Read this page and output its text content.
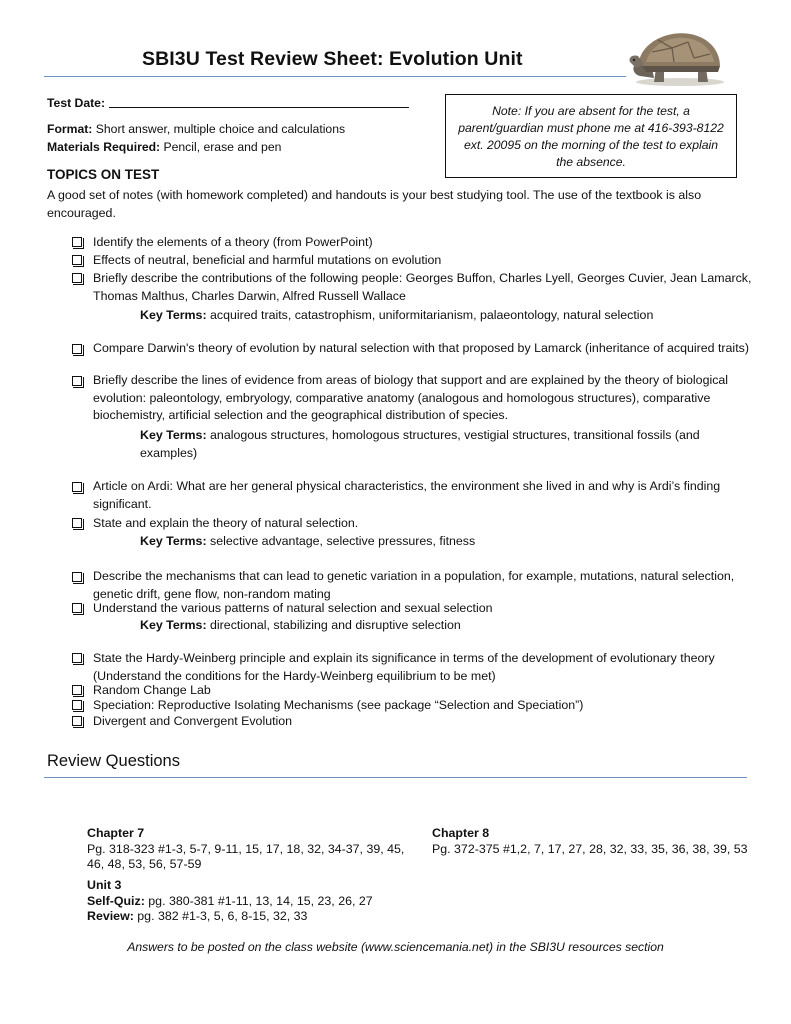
SBI3U Test Review Sheet: Evolution Unit
Test Date:
Format: Short answer, multiple choice and calculations
Materials Required: Pencil, erase and pen
Note: If you are absent for the test, a parent/guardian must phone me at 416-393-8122 ext. 20095 on the morning of the test to explain the absence.
TOPICS ON TEST
A good set of notes (with homework completed) and handouts is your best studying tool. The use of the textbook is also encouraged.
Identify the elements of a theory (from PowerPoint)
Effects of neutral, beneficial and harmful mutations on evolution
Briefly describe the contributions of the following people: Georges Buffon, Charles Lyell, Georges Cuvier, Jean Lamarck, Thomas Malthus, Charles Darwin, Alfred Russell Wallace
Key Terms: acquired traits, catastrophism, uniformitarianism, palaeontology, natural selection
Compare Darwin's theory of evolution by natural selection with that proposed by Lamarck (inheritance of acquired traits)
Briefly describe the lines of evidence from areas of biology that support and are explained by the theory of biological evolution: paleontology, embryology, comparative anatomy (analogous and homologous structures), comparative biochemistry, artificial selection and the geographical distribution of species.
Key Terms: analogous structures, homologous structures, vestigial structures, transitional fossils (and examples)
Article on Ardi: What are her general physical characteristics, the environment she lived in and why is Ardi’s finding significant.
State and explain the theory of natural selection.
Key Terms: selective advantage, selective pressures, fitness
Describe the mechanisms that can lead to genetic variation in a population, for example, mutations, natural selection, genetic drift, gene flow, non-random mating
Understand the various patterns of natural selection and sexual selection
Key Terms: directional, stabilizing and disruptive selection
State the Hardy-Weinberg principle and explain its significance in terms of the development of evolutionary theory (Understand the conditions for the Hardy-Weinberg equilibrium to be met)
Random Change Lab
Speciation: Reproductive Isolating Mechanisms (see package “Selection and Speciation”)
Divergent and Convergent Evolution
Review Questions
Chapter 7
Pg. 318-323 #1-3, 5-7, 9-11, 15, 17, 18, 32, 34-37, 39, 45, 46, 48, 53, 56, 57-59
Chapter 8
Pg. 372-375 #1,2, 7, 17, 27, 28, 32, 33, 35, 36, 38, 39, 53
Unit 3
Self-Quiz: pg. 380-381 #1-11, 13, 14, 15, 23, 26, 27
Review: pg. 382 #1-3, 5, 6, 8-15, 32, 33
Answers to be posted on the class website (www.sciencemania.net) in the SBI3U resources section
